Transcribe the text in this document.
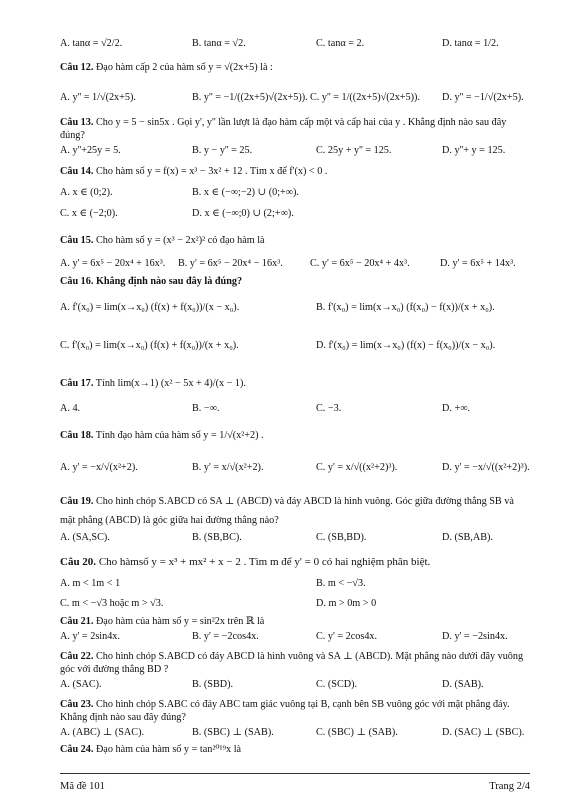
A. tanα = √2/2.	B. tanα = √2.	C. tanα = 2.	D. tanα = 1/2.
Câu 12. Đạo hàm cấp 2 của hàm số y = √(2x+5) là :
A. y'' = 1/√(2x+5).	B. y'' = −1/((2x+5)√(2x+5)). C. y'' = 1/((2x+5)√(2x+5)). D. y'' = −1/√(2x+5).
Câu 13. Cho y = 5 − sin5x . Gọi y', y'' lần lượt là đạo hàm cấp một và cấp hai của y . Khẳng định nào sau đây đúng?
A. y''+25y = 5.	B. y − y'' = 25.	C. 25y + y'' = 125.	D. y''+ y = 125.
Câu 14. Cho hàm số y = f(x) = x³ − 3x² + 12 . Tìm x để f'(x) < 0 .
A. x ∈ (0;2).	B. x ∈ (−∞;−2) ∪ (0;+∞).
C. x ∈ (−2;0).	D. x ∈ (−∞;0) ∪ (2;+∞).
Câu 15. Cho hàm số y = (x³ − 2x²)² có đạo hàm là
A. y' = 6x⁵ − 20x⁴ + 16x³. B. y' = 6x⁵ − 20x⁴ − 16x³.	C. y' = 6x⁵ − 20x⁴ + 4x³.	D. y' = 6x⁵ + 14x³.
Câu 16. Khẳng định nào sau đây là đúng?
A. f'(x₀) = lim(x→x₀) (f(x) + f(x₀))/(x − x₀).	B. f'(x₀) = lim(x→x₀) (f(x₀) − f(x))/(x + x₀).
C. f'(x₀) = lim(x→x₀) (f(x) + f(x₀))/(x + x₀).	D. f'(x₀) = lim(x→x₀) (f(x) − f(x₀))/(x − x₀).
Câu 17. Tính lim(x→1) (x² − 5x + 4)/(x − 1).
A. 4.	B. −∞.	C. −3.	D. +∞.
Câu 18. Tính đạo hàm của hàm số y = 1/√(x²+2) .
A. y' = −x/√(x²+2).	B. y' = x/√(x²+2).	C. y' = x/√((x²+2)³).	D. y' = −x/√((x²+2)³).
Câu 19. Cho hình chóp S.ABCD có SA ⊥ (ABCD) và đáy ABCD là hình vuông. Góc giữa đường thẳng SB và mặt phẳng (ABCD) là góc giữa hai đường thẳng nào?
A. (SA,SC).	B. (SB,BC).	C. (SB,BD).	D. (SB,AB).
Câu 20. Cho hàmsố y = x³ + mx² + x − 2 . Tìm m để y' = 0 có hai nghiệm phân biệt.
A. m < 1m < 1	B. m < −√3.
C. m < −√3 hoặc m > √3.	D. m > 0m > 0
Câu 21. Đạo hàm của hàm số y = sin²2x trên ℝ là
A. y' = 2sin4x.	B. y' = −2cos4x.	C. y' = 2cos4x.	D. y' = −2sin4x.
Câu 22. Cho hình chóp S.ABCD có đáy ABCD là hình vuông và SA ⊥ (ABCD). Mặt phẳng nào dưới đây vuông góc với đường thẳng BD ?
A. (SAC).	B. (SBD).	C. (SCD).	D. (SAB).
Câu 23. Cho hình chóp S.ABC có đáy ABC tam giác vuông tại B, cạnh bên SB vuông góc với mặt phẳng đáy. Khẳng định nào sau đây đúng?
A. (ABC) ⊥ (SAC).	B. (SBC) ⊥ (SAB).	C. (SBC) ⊥ (SAB).	D. (SAC) ⊥ (SBC).
Câu 24. Đạo hàm của hàm số y = tan²⁰¹⁹x là
Mã đề 101	Trang 2/4
